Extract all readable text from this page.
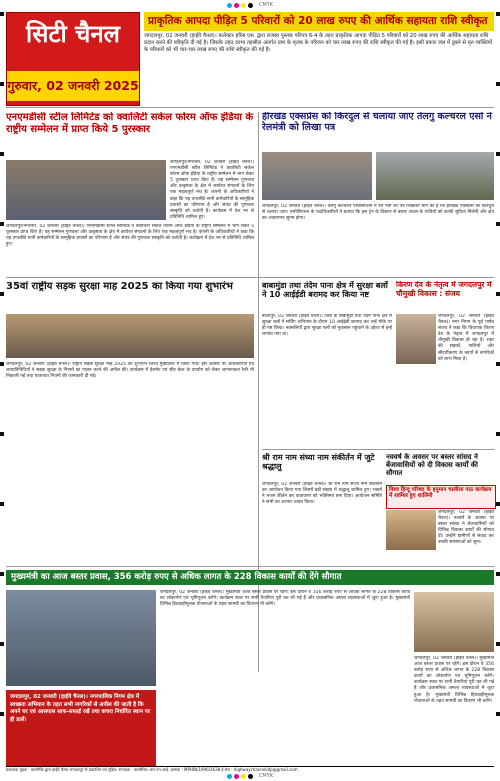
CMYK
सिटी चैनल
गुरुवार, 02 जनवरी 2025
प्राकृतिक आपदा पीड़ित 5 परिवारों को 20 लाख रुपए की आर्थिक सहायता राशि स्वीकृत
जगदलपुर, 02 जनवरी (हाईवे चैनल)। कलेक्टर हरिस एस. द्वारा राजस्व पुस्तक परिपत्र 6-4 के तहत प्राकृतिक आपदा पीड़ित 5 परिवारों को 20 लाख रुपए की आर्थिक सहायता राशि प्रदान करने की स्वीकृति दी गई है। जिसके तहत दरभा तहसील अंतर्गत ग्राम के मृतक के परिजन को चार लाख रुपए की राशि स्वीकृत की गई है। इसी प्रकार जल में डूबने से मृत व्यक्तियों के परिवारों को भी चार-चार लाख रुपए की राशि स्वीकृत की गई है।
एनएमडीसी स्टील लिमिटेड को क्वालिटी सर्कल फोरम ऑफ इंडिया के राष्ट्रीय सम्मेलन में प्राप्त किये 5 पुरस्कार
जगदलपुर/नगरनार, 02 जनवरी (हाईवे चैनल)। एनएमडीसी स्टील लिमिटेड ने क्वालिटी सर्कल फोरम ऑफ इंडिया के राष्ट्रीय सम्मेलन में भाग लेकर 5 पुरस्कार प्राप्त किए हैं। यह सम्मेलन गुणवत्ता और उत्कृष्टता के क्षेत्र में कार्यरत संगठनों के लिए एक महत्वपूर्ण मंच है। कंपनी के अधिकारियों ने कहा कि यह उपलब्धि सभी कर्मचारियों के सामूहिक प्रयासों का परिणाम है और संयंत्र की गुणवत्ता संस्कृति को दर्शाती है। कार्यक्रम में देश भर से प्रतिनिधि शामिल हुए।
जगदलपुर/नगरनार, 02 जनवरी (हाईवे चैनल)। एनएमडीसी स्टील लिमिटेड ने क्वालिटी सर्कल फोरम ऑफ इंडिया के राष्ट्रीय सम्मेलन में भाग लेकर 5 पुरस्कार प्राप्त किए हैं। यह सम्मेलन गुणवत्ता और उत्कृष्टता के क्षेत्र में कार्यरत संगठनों के लिए एक महत्वपूर्ण मंच है। कंपनी के अधिकारियों ने कहा कि यह उपलब्धि सभी कर्मचारियों के सामूहिक प्रयासों का परिणाम है और संयंत्र की गुणवत्ता संस्कृति को दर्शाती है। कार्यक्रम में देश भर से प्रतिनिधि शामिल हुए।
हीरखंड एक्सप्रेस को किरंदुल से चलाया जाए तेलगु कल्चरल एसो ने रेलमंत्री को लिखा पत्र
जगदलपुर, 02 जनवरी (हाईवे चैनल)। तेलगु कल्चरल एसोसिएशन ने रेल मंत्री को पत्र लिखकर मांग की है कि हीरखंड एक्सप्रेस को किरंदुल से चलाया जाए। एसोसिएशन के पदाधिकारियों ने बताया कि इस ट्रेन के विस्तार से बस्तर अंचल के यात्रियों को काफी सुविधा मिलेगी और क्षेत्र का आवागमन सुगम होगा।
35वां राष्ट्रीय सड़क सुरक्षा माह 2025 का किया गया शुभारंभ
जगदलपुर, 02 जनवरी (हाईवे चैनल)। राष्ट्रीय सड़क सुरक्षा माह 2025 का शुभारंभ जिला मुख्यालय में किया गया। इस अवसर पर अधिकारियों एवं जनप्रतिनिधियों ने सड़क सुरक्षा के नियमों का पालन करने की अपील की। कार्यक्रम में हेलमेट एवं सीट बेल्ट के उपयोग को लेकर जागरूकता रैली भी निकाली गई तथा यातायात नियमों की जानकारी दी गई।
बाबामुंडा तथा तंदेम पाना क्षेत्र में सुरक्षा बलों ने 10 आईईडी बरामद कर किया नष्ट
बीजापुर, 02 जनवरी (हाईवे चैनल)। जिले के बाबामुंडा तथा तंदेम पाना क्षेत्र में सुरक्षा बलों ने सर्चिंग अभियान के दौरान 10 आईईडी बरामद कर उन्हें मौके पर ही नष्ट किया। नक्सलियों द्वारा सुरक्षा बलों को नुकसान पहुंचाने के उद्देश्य से इन्हें लगाया गया था।
किरण देव के नेतृत्व में जगदलपुर में चौमुखी विकास : संजय
जगदलपुर, 02 जनवरी (हाईवे चैनल)। नगर निगम के पूर्व पार्षद संजय ने कहा कि विधायक किरण देव के नेतृत्व में जगदलपुर में चौमुखी विकास हो रहा है। शहर की सड़कों, नालियों और सौंदर्यीकरण के कार्यों से नागरिकों को लाभ मिला है।
श्री राम नाम संध्या नाम संकीर्तन में जुटे श्रद्धालु
जगदलपुर, 02 जनवरी (हाईवे चैनल)। श्री राम नाम संध्या नाम संकीर्तन का आयोजन किया गया जिसमें बड़ी संख्या में श्रद्धालु शामिल हुए। भक्तों ने भजन कीर्तन कर वातावरण को भक्तिमय बना दिया। आयोजन समिति ने सभी का आभार व्यक्त किया।
नववर्ष के अवसर पर बस्तर सांसद ने बेंजावासियों को दी विकास कार्यों की सौगात
विश्व हिन्दू परिषद के हनुमान चालीसा पाठ कार्यक्रम में शामिल हुए शालिनी
जगदलपुर, 02 जनवरी (हाईवे चैनल)। नववर्ष के अवसर पर बस्तर सांसद ने बेंजावासियों को विभिन्न विकास कार्यों की सौगात दी। उन्होंने ग्रामीणों से संवाद कर उनकी समस्याओं को सुना।
मुख्यमंत्री का आज बस्तर प्रवास, 356 करोड़ रुपए से अधिक लागत के 228 विकास कार्यों की देंगे सौगात
जगदलपुर, 02 जनवरी (हाईवे चैनल)। मुख्यमंत्री आज बस्तर प्रवास पर रहेंगे। इस दौरान वे 356 करोड़ रुपए से अधिक लागत के 228 विकास कार्यों का लोकार्पण एवं भूमिपूजन करेंगे। कार्यक्रम स्थल पर सभी तैयारियां पूरी कर ली गई हैं और प्रशासनिक अमला व्यवस्थाओं में जुटा हुआ है। मुख्यमंत्री विभिन्न हितग्राहीमूलक योजनाओं के तहत सामग्री का वितरण भी करेंगे।
जगदलपुर, 02 जनवरी (हाईवे चैनल)। मुख्यमंत्री आज बस्तर प्रवास पर रहेंगे। इस दौरान वे 356 करोड़ रुपए से अधिक लागत के 228 विकास कार्यों का लोकार्पण एवं भूमिपूजन करेंगे। कार्यक्रम स्थल पर सभी तैयारियां पूरी कर ली गई हैं और प्रशासनिक अमला व्यवस्थाओं में जुटा हुआ है। मुख्यमंत्री विभिन्न हितग्राहीमूलक योजनाओं के तहत सामग्री का वितरण भी करेंगे।
जगदलपुर, 02 जनवरी (हाईवे चैनल)। नगरपालिक निगम क्षेत्र में स्वच्छता अभियान के तहत सभी नागरिकों से अपील की जाती है कि अपने घर एवं आसपास साफ-सफाई रखें तथा कचरा निर्धारित स्थान पर ही डालें।
प्रकाशक मुद्रक : वाल्मीकि द्वारा हाईवे चैनल जगदलपुर से प्रकाशित एवं मुद्रित। संपादक : वाल्मीकि। आर.एन.आई. क्रमांक : MPHIN/1996/2638 ई-मेल : highwaychanneljdp@gmail.com
CMYK
